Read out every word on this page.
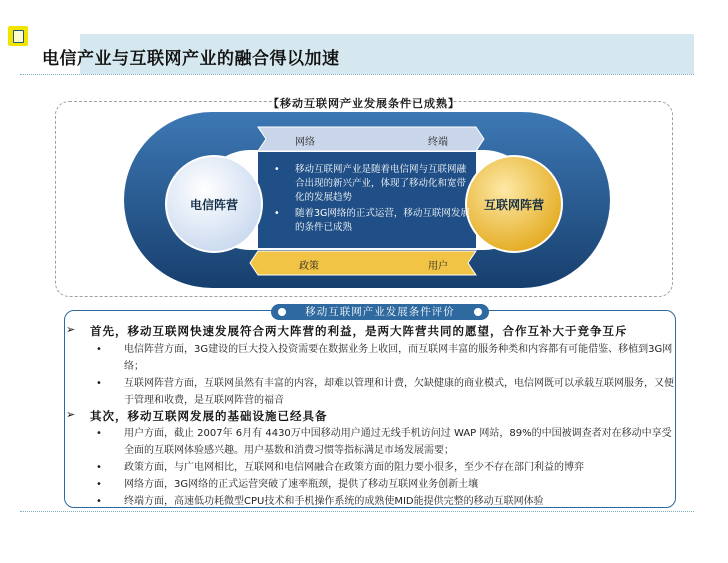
电信产业与互联网产业的融合得以加速
【移动互联网产业发展条件已成熟】
网络	终端
政策	用户
电信阵营	互联网阵营
• 移动互联网产业是随着电信网与互联网融合出现的新兴产业，体现了移动化和宽带化的发展趋势
• 随着3G网络的正式运营，移动互联网发展的条件已成熟
移动互联网产业发展条件评价
➢ 首先，移动互联网快速发展符合两大阵营的利益，是两大阵营共同的愿望，合作互补大于竞争互斥
• 电信阵营方面，3G建设的巨大投入投资需要在数据业务上收回，而互联网丰富的服务种类和内容都有可能借鉴、移植到3G网络；
• 互联网阵营方面，互联网虽然有丰富的内容，却难以管理和计费，欠缺健康的商业模式，电信网既可以承载互联网服务，又便于管理和收费，是互联网阵营的福音
➢ 其次，移动互联网发展的基础设施已经具备
• 用户方面，截止 2007年 6月有 4430万中国移动用户通过无线手机访问过 WAP 网站，89%的中国被调查者对在移动中享受全面的互联网体验感兴趣。用户基数和消费习惯等指标满足市场发展需要；
• 政策方面，与广电网相比，互联网和电信网融合在政策方面的阻力要小很多，至少不存在部门利益的博弈
• 网络方面，3G网络的正式运营突破了速率瓶颈，提供了移动互联网业务创新土壤
• 终端方面，高速低功耗微型CPU技术和手机操作系统的成熟使MID能提供完整的移动互联网体验
